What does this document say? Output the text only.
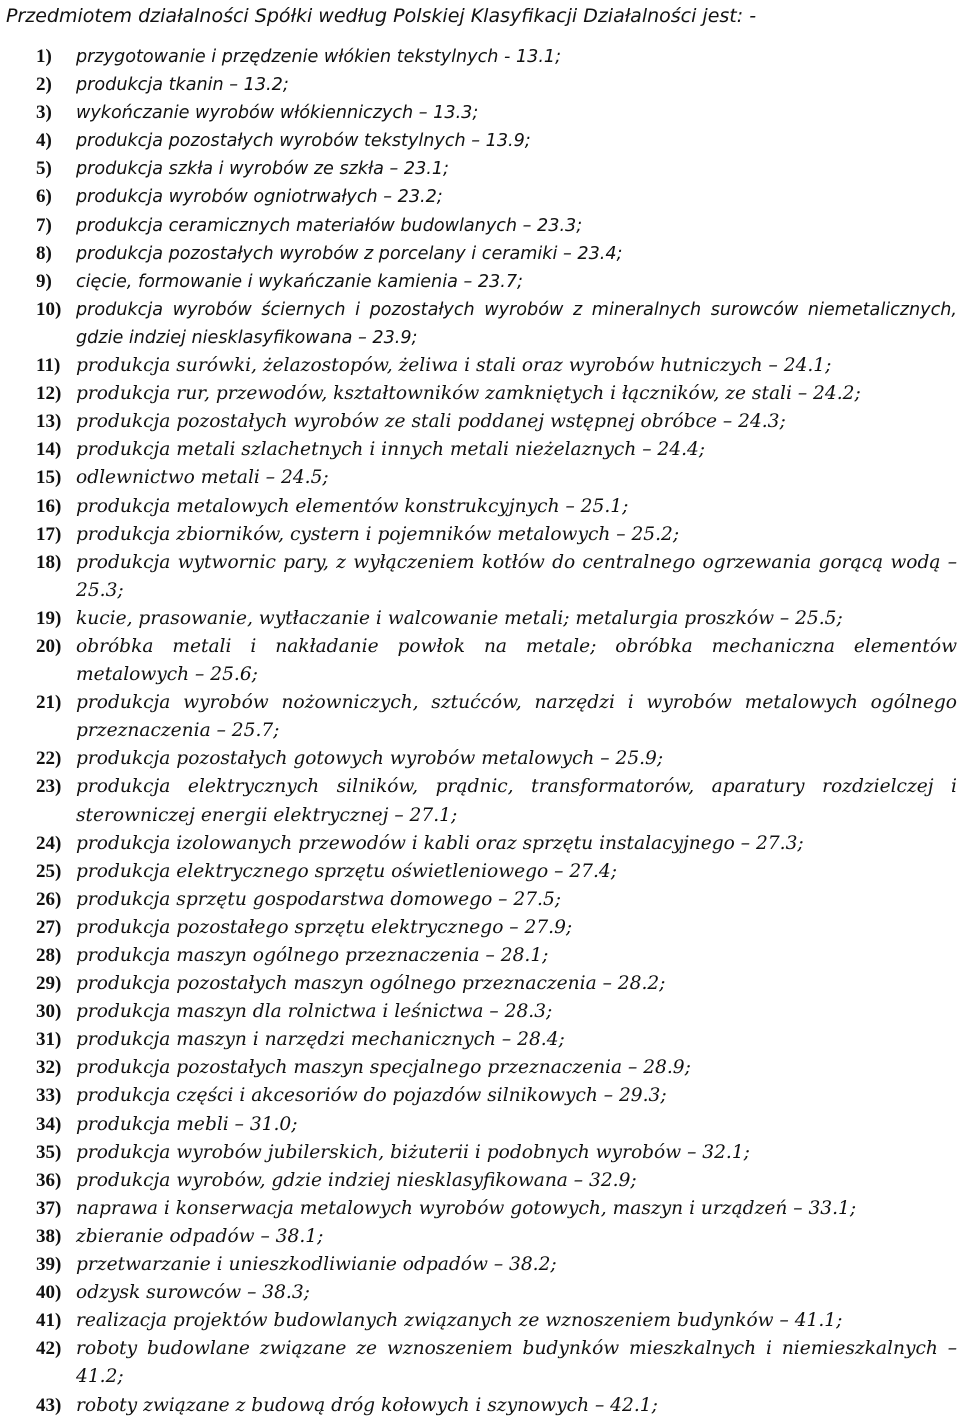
Przedmiotem działalności Spółki według Polskiej Klasyfikacji Działalności jest: -
1) przygotowanie i przędzenie włókien tekstylnych - 13.1;
2) produkcja tkanin – 13.2;
3) wykończanie wyrobów włókienniczych – 13.3;
4) produkcja pozostałych wyrobów tekstylnych – 13.9;
5) produkcja szkła i wyrobów ze szkła – 23.1;
6) produkcja wyrobów ogniotrwałych – 23.2;
7) produkcja ceramicznych materiałów budowlanych – 23.3;
8) produkcja pozostałych wyrobów z porcelany i ceramiki – 23.4;
9) cięcie, formowanie i wykańczanie kamienia – 23.7;
10) produkcja wyrobów ściernych i pozostałych wyrobów z mineralnych surowców niemetalicznych, gdzie indziej niesklasyfikowana – 23.9;
11) produkcja surówki, żelazostopów, żeliwa i stali oraz wyrobów hutniczych – 24.1;
12) produkcja rur, przewodów, kształtowników zamkniętych i łączników, ze stali – 24.2;
13) produkcja pozostałych wyrobów ze stali poddanej wstępnej obróbce – 24.3;
14) produkcja metali szlachetnych i innych metali nieżelaznych – 24.4;
15) odlewnictwo metali – 24.5;
16) produkcja metalowych elementów konstrukcyjnych – 25.1;
17) produkcja zbiorników, cystern i pojemników metalowych – 25.2;
18) produkcja wytwornic pary, z wyłączeniem kotłów do centralnego ogrzewania gorącą wodą – 25.3;
19) kucie, prasowanie, wytłaczanie i walcowanie metali; metalurgia proszków – 25.5;
20) obróbka metali i nakładanie powłok na metale; obróbka mechaniczna elementów metalowych – 25.6;
21) produkcja wyrobów nożowniczych, sztućców, narzędzi i wyrobów metalowych ogólnego przeznaczenia – 25.7;
22) produkcja pozostałych gotowych wyrobów metalowych – 25.9;
23) produkcja elektrycznych silników, prądnic, transformatorów, aparatury rozdzielczej i sterowniczej energii elektrycznej – 27.1;
24) produkcja izolowanych przewodów i kabli oraz sprzętu instalacyjnego – 27.3;
25) produkcja elektrycznego sprzętu oświetleniowego – 27.4;
26) produkcja sprzętu gospodarstwa domowego – 27.5;
27) produkcja pozostałego sprzętu elektrycznego – 27.9;
28) produkcja maszyn ogólnego przeznaczenia – 28.1;
29) produkcja pozostałych maszyn ogólnego przeznaczenia – 28.2;
30) produkcja maszyn dla rolnictwa i leśnictwa – 28.3;
31) produkcja maszyn i narzędzi mechanicznych – 28.4;
32) produkcja pozostałych maszyn specjalnego przeznaczenia – 28.9;
33) produkcja części i akcesoriów do pojazdów silnikowych – 29.3;
34) produkcja mebli – 31.0;
35) produkcja wyrobów jubilerskich, biżuterii i podobnych wyrobów – 32.1;
36) produkcja wyrobów, gdzie indziej niesklasyfikowana – 32.9;
37) naprawa i konserwacja metalowych wyrobów gotowych, maszyn i urządzeń – 33.1;
38) zbieranie odpadów – 38.1;
39) przetwarzanie i unieszkodliwianie odpadów – 38.2;
40) odzysk surowców – 38.3;
41) realizacja projektów budowlanych związanych ze wznoszeniem budynków – 41.1;
42) roboty budowlane związane ze wznoszeniem budynków mieszkalnych i niemieszkalnych – 41.2;
43) roboty związane z budową dróg kołowych i szynowych – 42.1;
